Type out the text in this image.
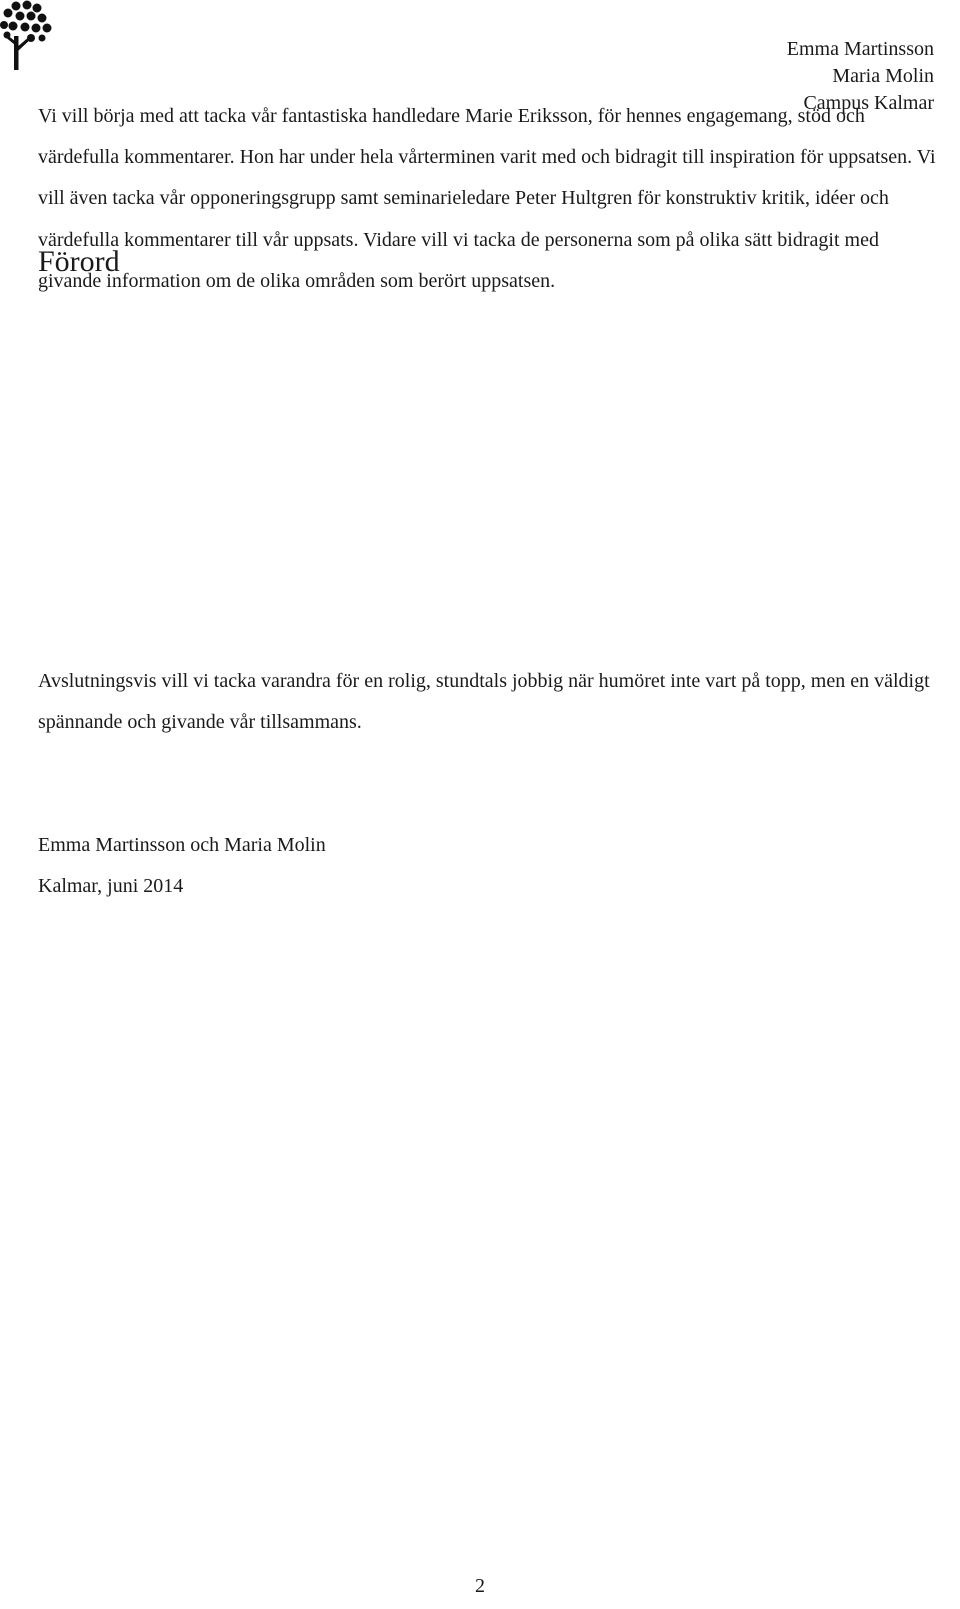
Emma Martinsson
Maria Molin
Campus Kalmar
Förord

Vi vill börja med att tacka vår fantastiska handledare Marie Eriksson, för hennes engagemang, stöd och värdefulla kommentarer. Hon har under hela vårterminen varit med och bidragit till inspiration för uppsatsen. Vi vill även tacka vår opponeringsgrupp samt seminarieledare Peter Hultgren för konstruktiv kritik, idéer och värdefulla kommentarer till vår uppsats. Vidare vill vi tacka de personerna som på olika sätt bidragit med givande information om de olika områden som berört uppsatsen.

Avslutningsvis vill vi tacka varandra för en rolig, stundtals jobbig när humöret inte vart på topp, men en väldigt spännande och givande vår tillsammans.

Emma Martinsson och Maria Molin
Kalmar, juni 2014
2
